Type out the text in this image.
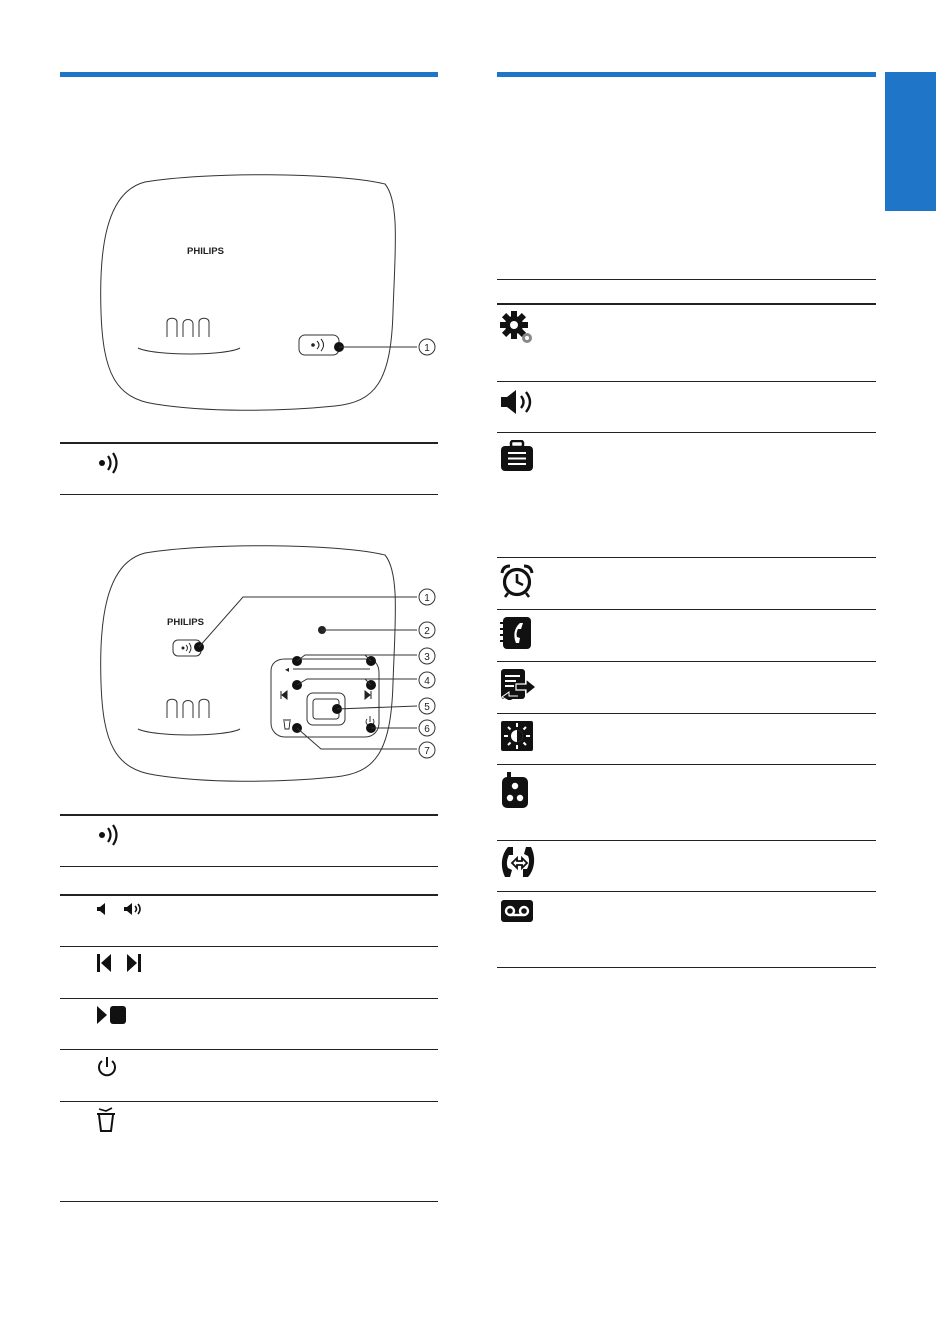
PHILIPS
1
PHILIPS
◂
1
2
3
4
5
6
7
